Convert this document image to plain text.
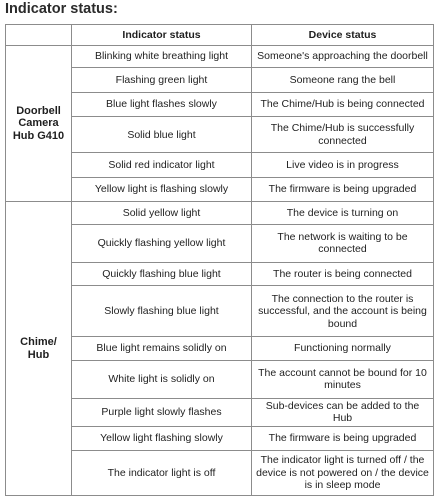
Indicator status:
	Indicator status	Device status
Doorbell Camera Hub G410	Blinking white breathing light	Someone's approaching the doorbell
	Flashing green light	Someone rang the bell
	Blue light flashes slowly	The Chime/Hub is being connected
	Solid blue light	The Chime/Hub is successfully connected
	Solid red indicator light	Live video is in progress
	Yellow light is flashing slowly	The firmware is being upgraded
Chime/ Hub	Solid yellow light	The device is turning on
	Quickly flashing yellow light	The network is waiting to be connected
	Quickly flashing blue light	The router is being connected
	Slowly flashing blue light	The connection to the router is successful, and the account is being bound
	Blue light remains solidly on	Functioning normally
	White light is solidly on	The account cannot be bound for 10 minutes
	Purple light slowly flashes	Sub-devices can be added to the Hub
	Yellow light flashing slowly	The firmware is being upgraded
	The indicator light is off	The indicator light is turned off / the device is not powered on / the device is in sleep mode
